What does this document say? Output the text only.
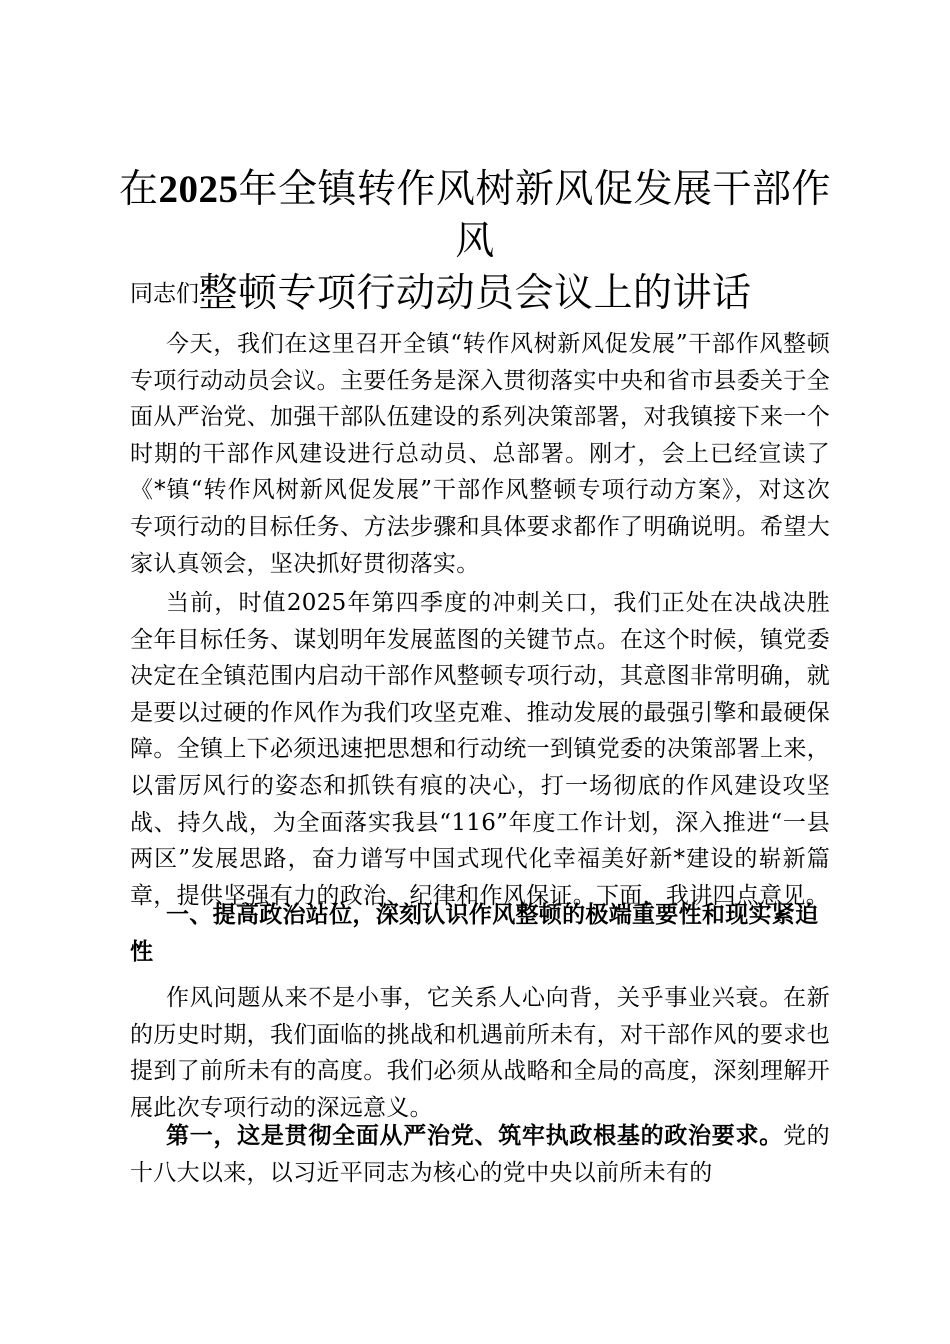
在2025年全镇转作风树新风促发展干部作风
整顿专项行动动员会议上的讲话

同志们:

今天，我们在这里召开全镇“转作风树新风促发展”干部作风整顿专项行动动员会议。主要任务是深入贯彻落实中央和省市县委关于全面从严治党、加强干部队伍建设的系列决策部署，对我镇接下来一个时期的干部作风建设进行总动员、总部署。刚才，会上已经宣读了《*镇“转作风树新风促发展”干部作风整顿专项行动方案》，对这次专项行动的目标任务、方法步骤和具体要求都作了明确说明。希望大家认真领会，坚决抓好贯彻落实。

当前，时值2025年第四季度的冲刺关口，我们正处在决战决胜全年目标任务、谋划明年发展蓝图的关键节点。在这个时候，镇党委决定在全镇范围内启动干部作风整顿专项行动，其意图非常明确，就是要以过硬的作风作为我们攻坚克难、推动发展的最强引擎和最硬保障。全镇上下必须迅速把思想和行动统一到镇党委的决策部署上来，以雷厉风行的姿态和抓铁有痕的决心，打一场彻底的作风建设攻坚战、持久战，为全面落实我县“116”年度工作计划，深入推进“一县两区”发展思路，奋力谱写中国式现代化幸福美好新*建设的崭新篇章，提供坚强有力的政治、纪律和作风保证。下面，我讲四点意见。

一、提高政治站位，深刻认识作风整顿的极端重要性和现实紧迫性

作风问题从来不是小事，它关系人心向背，关乎事业兴衰。在新的历史时期，我们面临的挑战和机遇前所未有，对干部作风的要求也提到了前所未有的高度。我们必须从战略和全局的高度，深刻理解开展此次专项行动的深远意义。

第一，这是贯彻全面从严治党、筑牢执政根基的政治要求。党的十八大以来，以习近平同志为核心的党中央以前所未有的
